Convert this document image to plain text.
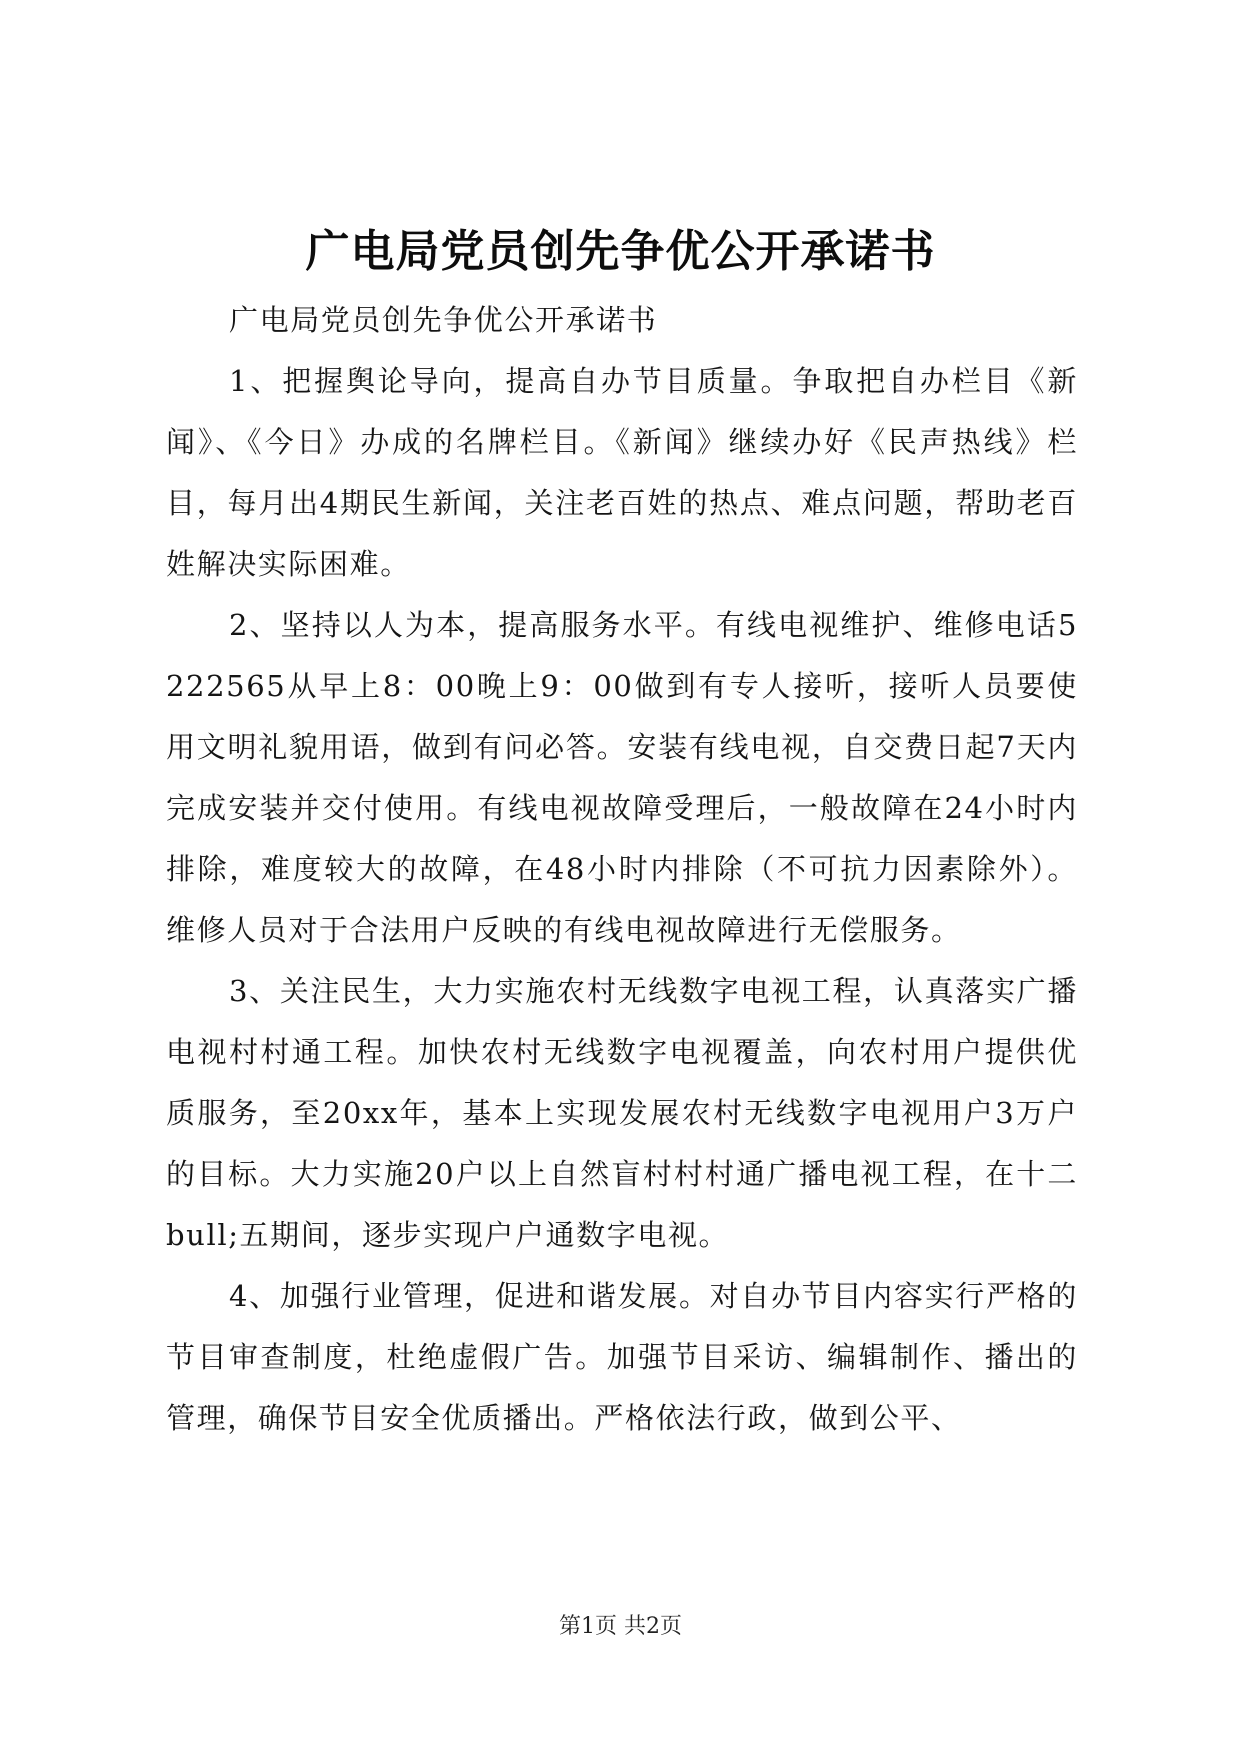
广电局党员创先争优公开承诺书

广电局党员创先争优公开承诺书

1、把握舆论导向，提高自办节目质量。争取把自办栏目《新闻》、《今日》办成的名牌栏目。《新闻》继续办好《民声热线》栏目，每月出4期民生新闻，关注老百姓的热点、难点问题，帮助老百姓解决实际困难。

2、坚持以人为本，提高服务水平。有线电视维护、维修电话5222565从早上8：00晚上9：00做到有专人接听，接听人员要使用文明礼貌用语，做到有问必答。安装有线电视，自交费日起7天内完成安装并交付使用。有线电视故障受理后，一般故障在24小时内排除，难度较大的故障，在48小时内排除（不可抗力因素除外）。维修人员对于合法用户反映的有线电视故障进行无偿服务。

3、关注民生，大力实施农村无线数字电视工程，认真落实广播电视村村通工程。加快农村无线数字电视覆盖，向农村用户提供优质服务，至20xx年，基本上实现发展农村无线数字电视用户3万户的目标。大力实施20户以上自然盲村村村通广播电视工程，在十二bull;五期间，逐步实现户户通数字电视。

4、加强行业管理，促进和谐发展。对自办节目内容实行严格的节目审查制度，杜绝虚假广告。加强节目采访、编辑制作、播出的管理，确保节目安全优质播出。严格依法行政，做到公平、

第1页 共2页
